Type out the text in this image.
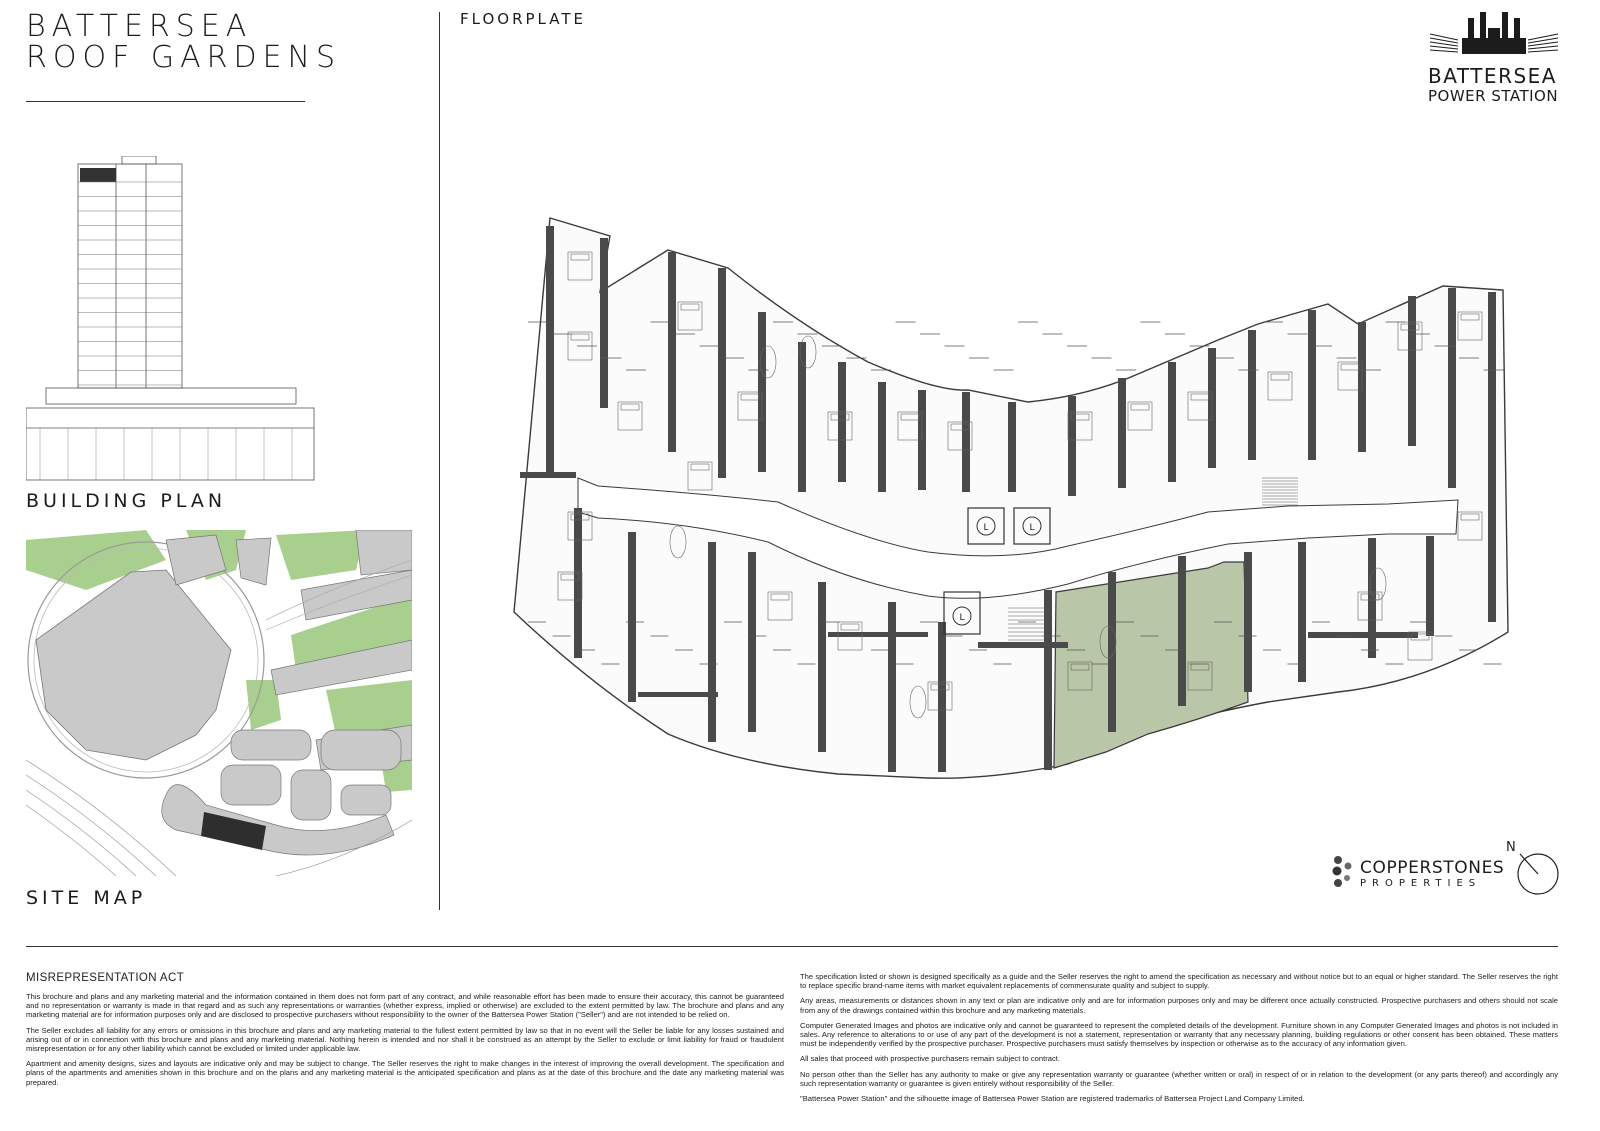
BATTERSEA
ROOF GARDENS
FLOORPLATE
BATTERSEA
POWER STATION
BUILDING PLAN
SITE MAP
L	L
L
COPPERSTONES
PROPERTIES
N
MISREPRESENTATION ACT

This brochure and plans and any marketing material and the information contained in them does not form part of any contract, and while reasonable effort has been made to ensure their accuracy, this cannot be guaranteed and no representation or warranty is made in that regard and as such any representations or warranties (whether express, implied or otherwise) are excluded to the extent permitted by law. The brochure and plans and any marketing material are for information purposes only and are disclosed to prospective purchasers without responsibility to the owner of the Battersea Power Station ("Seller") and are not intended to be relied on.

The Seller excludes all liability for any errors or omissions in this brochure and plans and any marketing material to the fullest extent permitted by law so that in no event will the Seller be liable for any losses sustained and arising out of or in connection with this brochure and plans and any marketing material. Nothing herein is intended and nor shall it be construed as an attempt by the Seller to exclude or limit liability for fraud or fraudulent misrepresentation or for any other liability which cannot be excluded or limited under applicable law.

Apartment and amenity designs, sizes and layouts are indicative only and may be subject to change. The Seller reserves the right to make changes in the interest of improving the overall development. The specification and plans of the apartments and amenities shown in this brochure and on the plans and any marketing material is the anticipated specification and plans as at the date of this brochure and the date any marketing material was prepared.

The specification listed or shown is designed specifically as a guide and the Seller reserves the right to amend the specification as necessary and without notice but to an equal or higher standard. The Seller reserves the right to replace specific brand-name items with market equivalent replacements of commensurate quality and subject to supply.

Any areas, measurements or distances shown in any text or plan are indicative only and are for information purposes only and may be different once actually constructed. Prospective purchasers and others should not scale from any of the drawings contained within this brochure and any marketing materials.

Computer Generated Images and photos are indicative only and cannot be guaranteed to represent the completed details of the development. Furniture shown in any Computer Generated Images and photos is not included in sales. Any reference to alterations to or use of any part of the development is not a statement, representation or warranty that any necessary planning, building regulations or other consent has been obtained. These matters must be independently verified by the prospective purchaser. Prospective purchasers must satisfy themselves by inspection or otherwise as to the accuracy of any information given.

All sales that proceed with prospective purchasers remain subject to contract.

No person other than the Seller has any authority to make or give any representation warranty or guarantee (whether written or oral) in respect of or in relation to the development (or any parts thereof) and accordingly any such representation warranty or guarantee is given entirely without responsibility of the Seller.

"Battersea Power Station" and the silhouette image of Battersea Power Station are registered trademarks of Battersea Project Land Company Limited.
